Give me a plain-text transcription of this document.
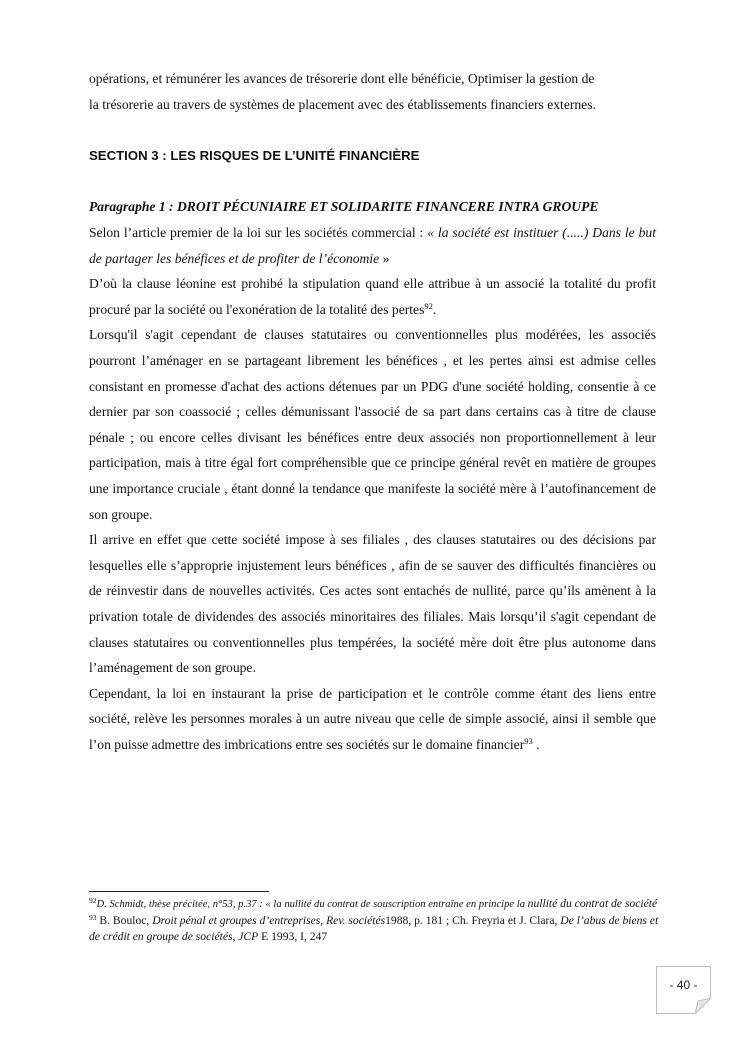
opérations, et rémunérer les avances de trésorerie dont elle bénéficie, Optimiser la gestion de
la trésorerie au travers de systèmes de placement avec des établissements financiers externes.

SECTION 3 : LES RISQUES DE L’UNITÉ FINANCIÈRE
Paragraphe 1 : DROIT PÉCUNIAIRE ET SOLIDARITE FINANCERE INTRA GROUPE

Selon l’article premier de la loi sur les sociétés commercial : « la société est instituer (.....) Dans le but de partager les bénéfices et de profiter de l’économie »

D’où la clause léonine est prohibé la stipulation quand elle attribue à un associé la totalité du profit procuré par la société ou l'exonération de la totalité des pertes$^{92}$.

Lorsqu'il s'agit cependant de clauses statutaires ou conventionnelles plus modérées, les associés pourront l’aménager en se partageant librement les bénéfices , et les pertes ainsi est admise celles consistant en promesse d'achat des actions détenues par un PDG d'une société holding, consentie à ce dernier par son coassocié ; celles démunissant l'associé de sa part dans certains cas à titre de clause pénale ; ou encore celles divisant les bénéfices entre deux associés non proportionnellement à leur participation, mais à titre égal fort compréhensible que ce principe général revêt en matière de groupes une importance cruciale , étant donné la tendance que manifeste la société mère à l’autofinancement de son groupe.

Il arrive en effet que cette société impose à ses filiales , des clauses statutaires ou des décisions par lesquelles elle s’approprie injustement leurs bénéfices , afin de se sauver des difficultés financières ou de réinvestir dans de nouvelles activités. Ces actes sont entachés de nullité, parce qu’ils amènent à la privation totale de dividendes des associés minoritaires des filiales. Mais lorsqu’il s'agit cependant de clauses statutaires ou conventionnelles plus tempérées, la société mère doit être plus autonome dans l’aménagement de son groupe.

Cependant, la loi en instaurant la prise de participation et le contrôle comme étant des liens entre société, relève les personnes morales à un autre niveau que celle de simple associé, ainsi il semble que l’on puisse admettre des imbrications entre ses sociétés sur le domaine financier$^{93}$ .

$^{92}$D. Schmidt, thèse précitée, n°53, p.37 : « la nullité du contrat de souscription entraîne en principe la nullité du contrat de société

$^{93}$ B. Bouloc, Droit pénal et groupes d’entreprises, Rev. sociétés1988, p. 181 ; Ch. Freyria et J. Clara, De l’abus de biens et de crédit en groupe de sociétés, JCP E 1993, I, 247

- 40 -
